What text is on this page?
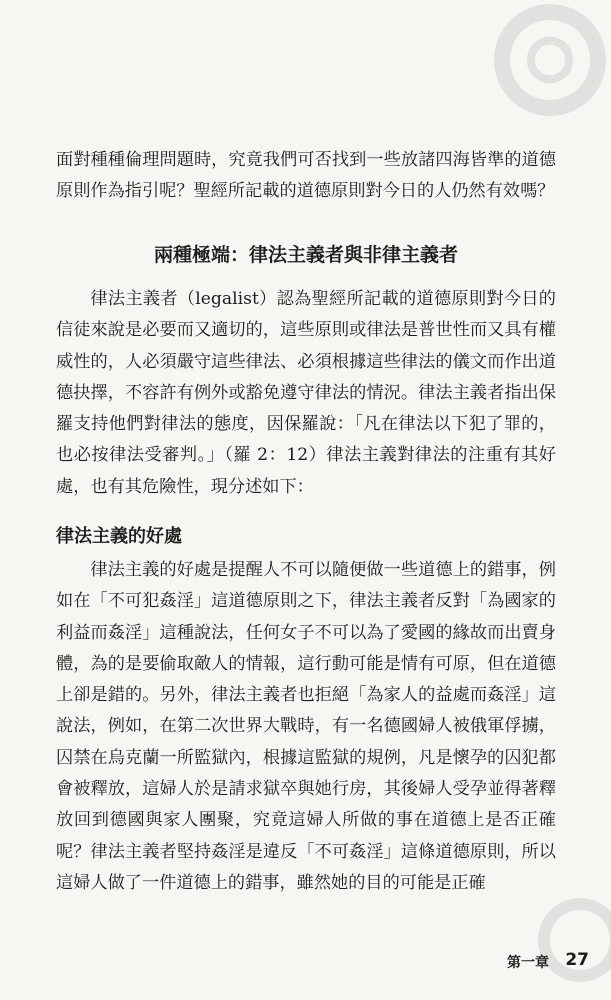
面對種種倫理問題時，究竟我們可否找到一些放諸四海皆準的道德原則作為指引呢？聖經所記載的道德原則對今日的人仍然有效嗎？

兩種極端：律法主義者與非律主義者

律法主義者（legalist）認為聖經所記載的道德原則對今日的信徒來說是必要而又適切的，這些原則或律法是普世性而又具有權威性的，人必須嚴守這些律法、必須根據這些律法的儀文而作出道德抉擇，不容許有例外或豁免遵守律法的情況。律法主義者指出保羅支持他們對律法的態度，因保羅說：「凡在律法以下犯了罪的，也必按律法受審判。」（羅 2：12）律法主義對律法的注重有其好處，也有其危險性，現分述如下：

律法主義的好處

律法主義的好處是提醒人不可以隨便做一些道德上的錯事，例如在「不可犯姦淫」這道德原則之下，律法主義者反對「為國家的利益而姦淫」這種說法，任何女子不可以為了愛國的緣故而出賣身體，為的是要偷取敵人的情報，這行動可能是情有可原，但在道德上卻是錯的。另外，律法主義者也拒絕「為家人的益處而姦淫」這說法，例如，在第二次世界大戰時，有一名德國婦人被俄軍俘擄，囚禁在烏克蘭一所監獄內，根據這監獄的規例，凡是懷孕的囚犯都會被釋放，這婦人於是請求獄卒與她行房，其後婦人受孕並得著釋放回到德國與家人團聚，究竟這婦人所做的事在道德上是否正確呢？律法主義者堅持姦淫是違反「不可姦淫」這條道德原則，所以這婦人做了一件道德上的錯事，雖然她的目的可能是正確

第一章 27
